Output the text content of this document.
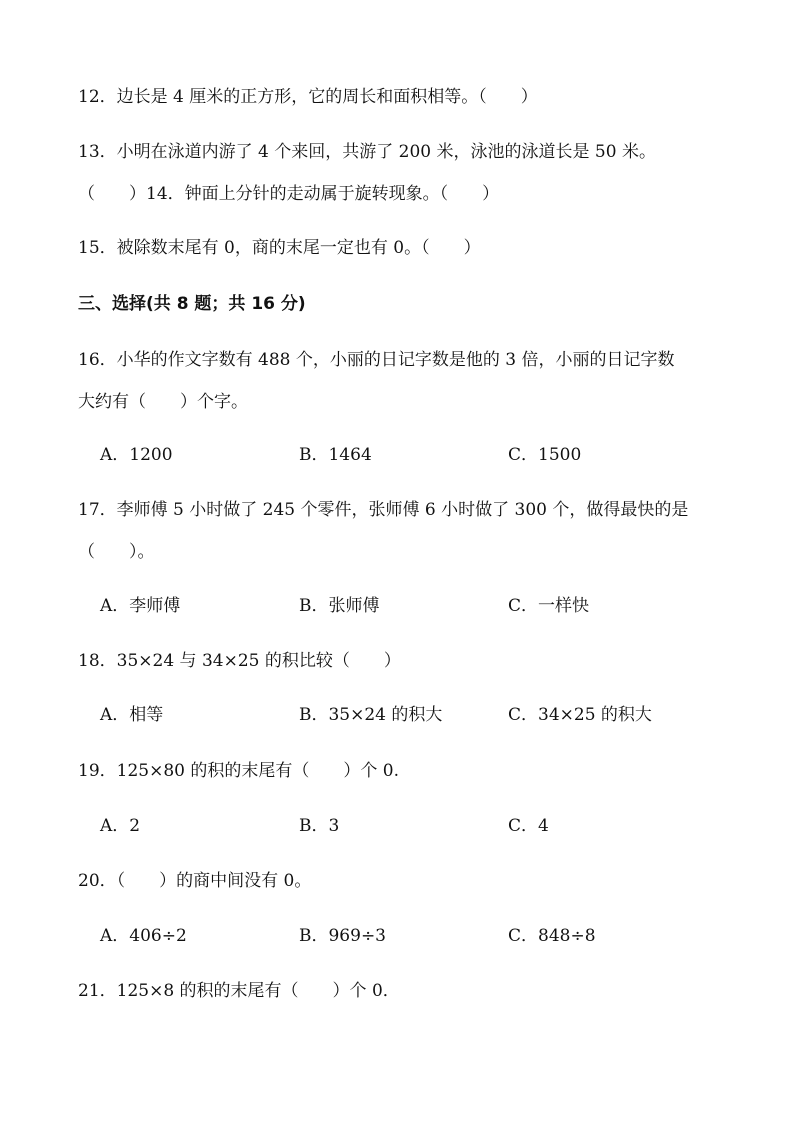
12．边长是 4 厘米的正方形，它的周长和面积相等。（　　）
13．小明在泳道内游了 4 个来回，共游了 200 米，泳池的泳道长是 50 米。
（　　）14．钟面上分针的走动属于旋转现象。（　　）
15．被除数末尾有 0，商的末尾一定也有 0。（　　）
三、选择(共 8 题；共 16 分)
16．小华的作文字数有 488 个，小丽的日记字数是他的 3 倍，小丽的日记字数
大约有（　　）个字。
A．1200	B．1464	C．1500
17．李师傅 5 小时做了 245 个零件，张师傅 6 小时做了 300 个，做得最快的是
（　　）。
A．李师傅	B．张师傅	C．一样快
18．35×24 与 34×25 的积比较（　　）
A．相等	B．35×24 的积大	C．34×25 的积大
19．125×80 的积的末尾有（　　）个 0.
A．2	B．3	C．4
20．（　　）的商中间没有 0。
A．406÷2	B．969÷3	C．848÷8
21．125×8 的积的末尾有（　　）个 0．
